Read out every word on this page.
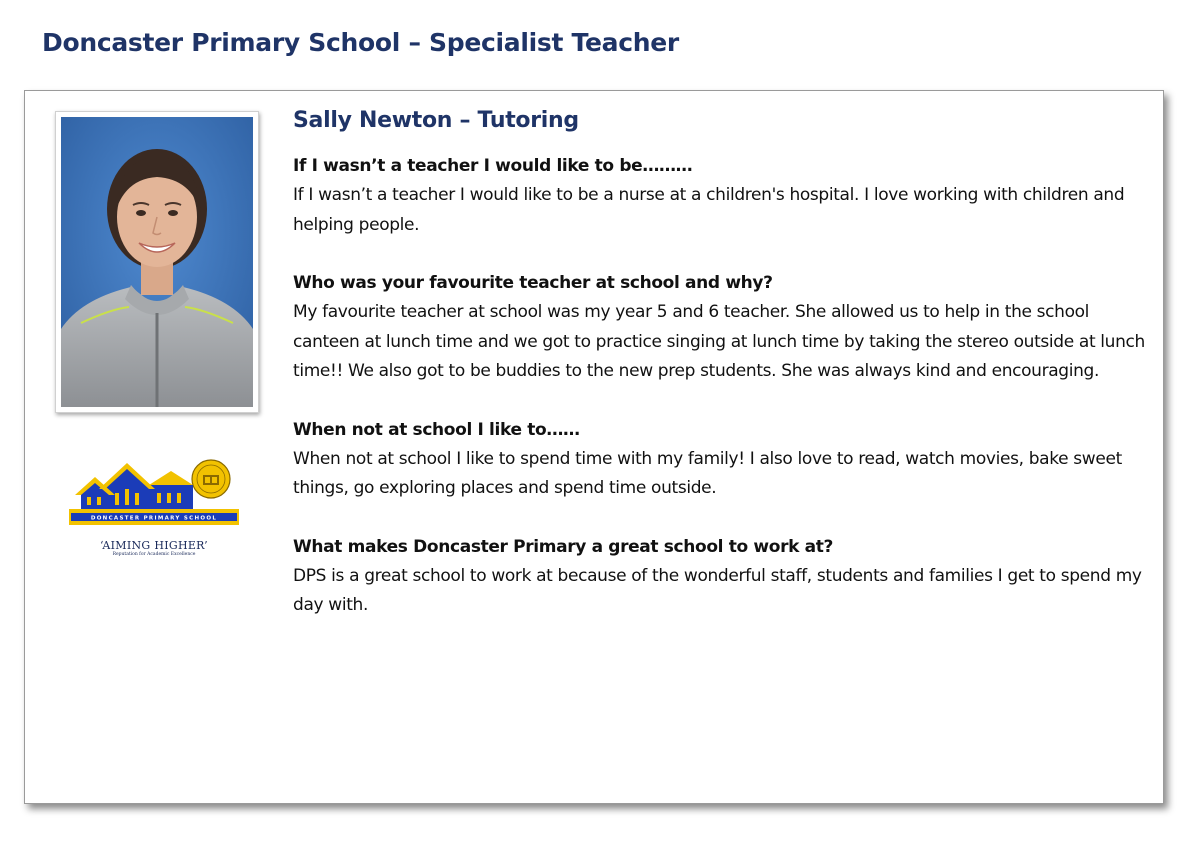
Doncaster Primary School – Specialist Teacher
DONCASTER PRIMARY SCHOOL
‘AIMING HIGHER’
Reputation for Academic Excellence
Sally Newton – Tutoring
If I wasn’t a teacher I would like to be………
If I wasn’t a teacher I would like to be a nurse at a children's hospital. I love working with children and helping people.
Who was your favourite teacher at school and why?
My favourite teacher at school was my year 5 and 6 teacher. She allowed us to help in the school canteen at lunch time and we got to practice singing at lunch time by taking the stereo outside at lunch time!! We also got to be buddies to the new prep students. She was always kind and encouraging.
When not at school I like to……
When not at school I like to spend time with my family! I also love to read, watch movies, bake sweet things, go exploring places and spend time outside.
What makes Doncaster Primary a great school to work at?
DPS is a great school to work at because of the wonderful staff, students and families I get to spend my day with.
